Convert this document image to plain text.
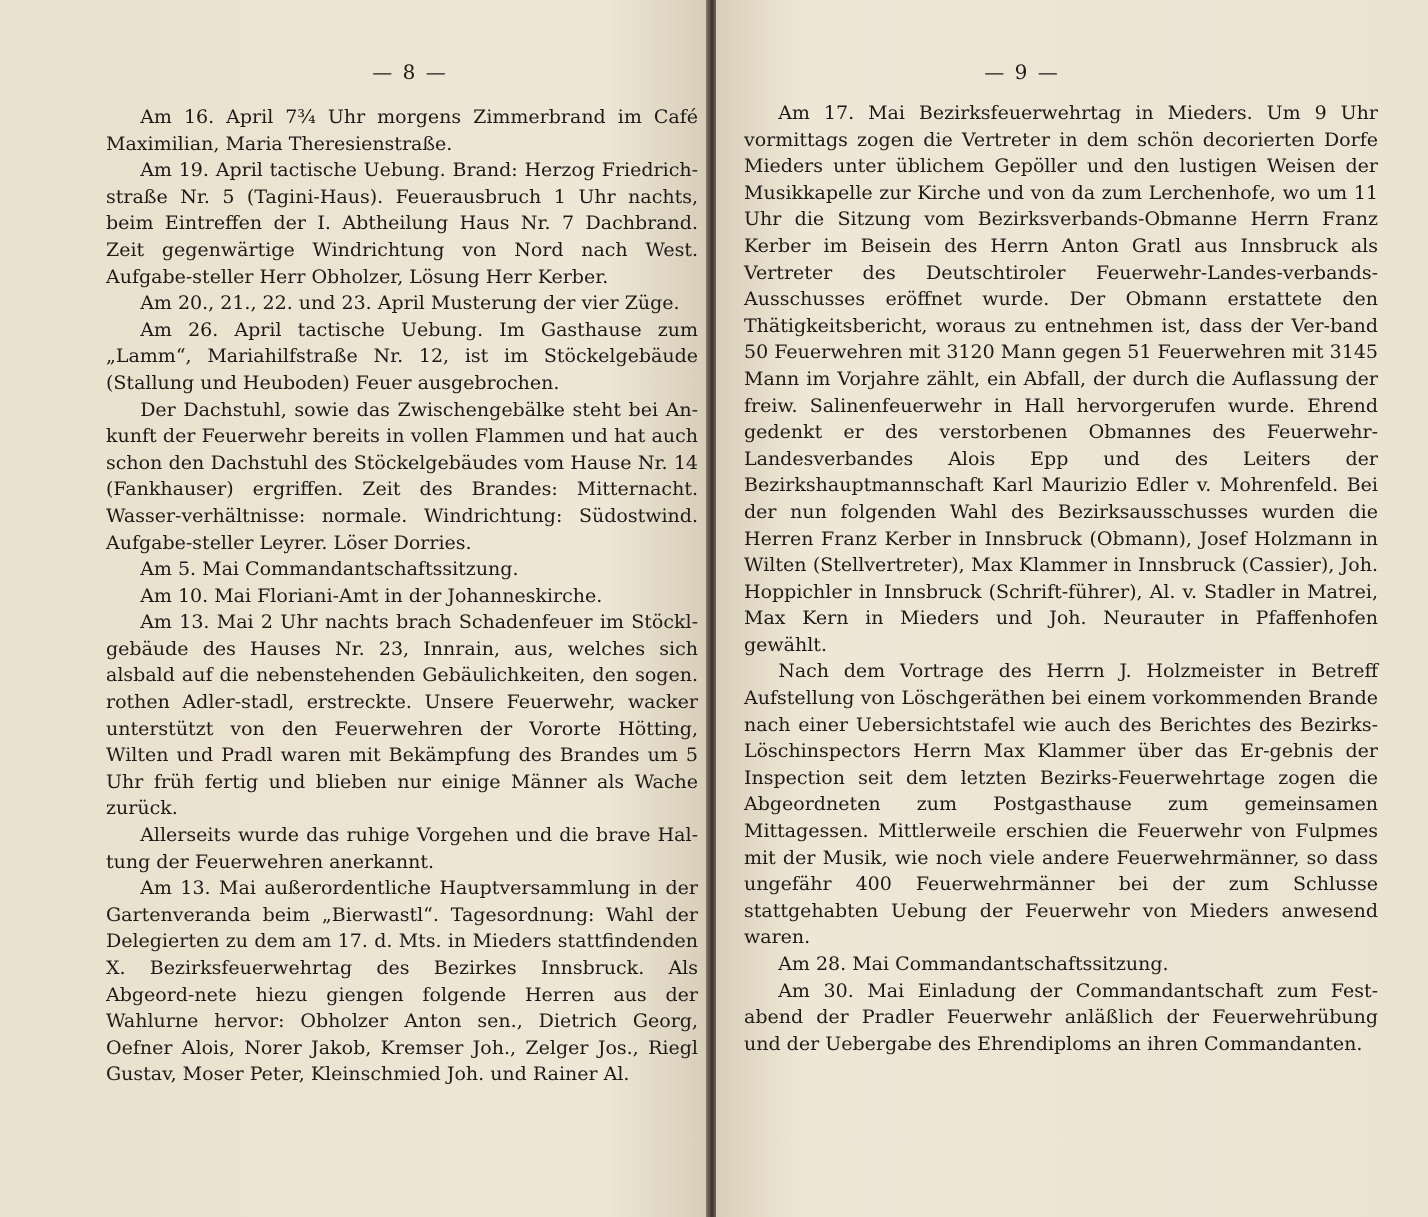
— 8 —

Am 16. April 7¾ Uhr morgens Zimmerbrand im Café Maximilian, Maria Theresienstraße.

Am 19. April tactische Uebung. Brand: Herzog Friedrich-straße Nr. 5 (Tagini-Haus). Feuerausbruch 1 Uhr nachts, beim Eintreffen der I. Abtheilung Haus Nr. 7 Dachbrand. Zeit gegenwärtige Windrichtung von Nord nach West. Aufgabe-steller Herr Obholzer, Lösung Herr Kerber.

Am 20., 21., 22. und 23. April Musterung der vier Züge.

Am 26. April tactische Uebung. Im Gasthause zum „Lamm“, Mariahilfstraße Nr. 12, ist im Stöckelgebäude (Stallung und Heuboden) Feuer ausgebrochen.

Der Dachstuhl, sowie das Zwischengebälke steht bei An-kunft der Feuerwehr bereits in vollen Flammen und hat auch schon den Dachstuhl des Stöckelgebäudes vom Hause Nr. 14 (Fankhauser) ergriffen. Zeit des Brandes: Mitternacht. Wasser-verhältnisse: normale. Windrichtung: Südostwind. Aufgabe-steller Leyrer. Löser Dorries.

Am 5. Mai Commandantschaftssitzung.

Am 10. Mai Floriani-Amt in der Johanneskirche.

Am 13. Mai 2 Uhr nachts brach Schadenfeuer im Stöckl-gebäude des Hauses Nr. 23, Innrain, aus, welches sich alsbald auf die nebenstehenden Gebäulichkeiten, den sogen. rothen Adler-stadl, erstreckte. Unsere Feuerwehr, wacker unterstützt von den Feuerwehren der Vororte Hötting, Wilten und Pradl waren mit Bekämpfung des Brandes um 5 Uhr früh fertig und blieben nur einige Männer als Wache zurück.

Allerseits wurde das ruhige Vorgehen und die brave Hal-tung der Feuerwehren anerkannt.

Am 13. Mai außerordentliche Hauptversammlung in der Gartenveranda beim „Bierwastl“. Tagesordnung: Wahl der Delegierten zu dem am 17. d. Mts. in Mieders stattfindenden X. Bezirksfeuerwehrtag des Bezirkes Innsbruck. Als Abgeord-nete hiezu giengen folgende Herren aus der Wahlurne hervor: Obholzer Anton sen., Dietrich Georg, Oefner Alois, Norer Jakob, Kremser Joh., Zelger Jos., Riegl Gustav, Moser Peter, Kleinschmied Joh. und Rainer Al.

— 9 —

Am 17. Mai Bezirksfeuerwehrtag in Mieders. Um 9 Uhr vormittags zogen die Vertreter in dem schön decorierten Dorfe Mieders unter üblichem Gepöller und den lustigen Weisen der Musikkapelle zur Kirche und von da zum Lerchenhofe, wo um 11 Uhr die Sitzung vom Bezirksverbands-Obmanne Herrn Franz Kerber im Beisein des Herrn Anton Gratl aus Innsbruck als Vertreter des Deutschtiroler Feuerwehr-Landes-verbands-Ausschusses eröffnet wurde. Der Obmann erstattete den Thätigkeitsbericht, woraus zu entnehmen ist, dass der Ver-band 50 Feuerwehren mit 3120 Mann gegen 51 Feuerwehren mit 3145 Mann im Vorjahre zählt, ein Abfall, der durch die Auflassung der freiw. Salinenfeuerwehr in Hall hervorgerufen wurde. Ehrend gedenkt er des verstorbenen Obmannes des Feuerwehr-Landesverbandes Alois Epp und des Leiters der Bezirkshauptmannschaft Karl Maurizio Edler v. Mohrenfeld. Bei der nun folgenden Wahl des Bezirksausschusses wurden die Herren Franz Kerber in Innsbruck (Obmann), Josef Holzmann in Wilten (Stellvertreter), Max Klammer in Innsbruck (Cassier), Joh. Hoppichler in Innsbruck (Schrift-führer), Al. v. Stadler in Matrei, Max Kern in Mieders und Joh. Neurauter in Pfaffenhofen gewählt.

Nach dem Vortrage des Herrn J. Holzmeister in Betreff Aufstellung von Löschgeräthen bei einem vorkommenden Brande nach einer Uebersichtstafel wie auch des Berichtes des Bezirks-Löschinspectors Herrn Max Klammer über das Er-gebnis der Inspection seit dem letzten Bezirks-Feuerwehrtage zogen die Abgeordneten zum Postgasthause zum gemeinsamen Mittagessen. Mittlerweile erschien die Feuerwehr von Fulpmes mit der Musik, wie noch viele andere Feuerwehrmänner, so dass ungefähr 400 Feuerwehrmänner bei der zum Schlusse stattgehabten Uebung der Feuerwehr von Mieders anwesend waren.

Am 28. Mai Commandantschaftssitzung.

Am 30. Mai Einladung der Commandantschaft zum Fest-abend der Pradler Feuerwehr anläßlich der Feuerwehrübung und der Uebergabe des Ehrendiploms an ihren Commandanten.
